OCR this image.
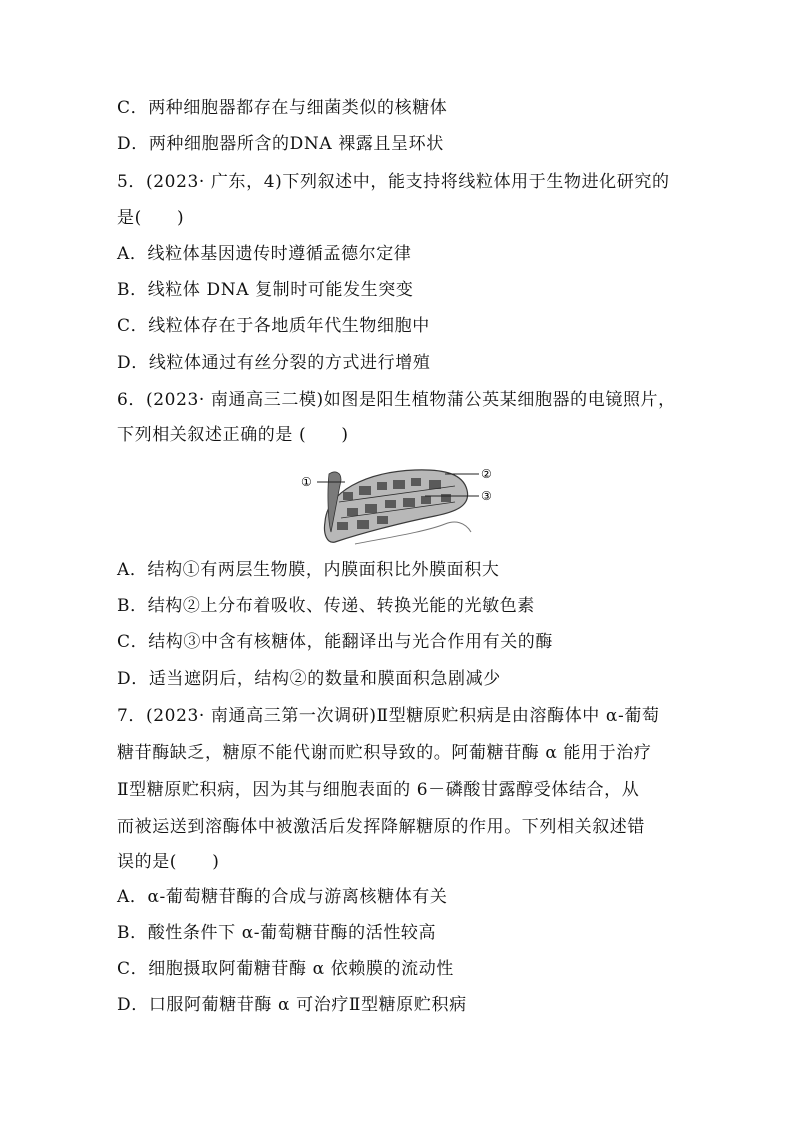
C．两种细胞器都存在与细菌类似的核糖体
D．两种细胞器所含的DNA 裸露且呈环状
5．(2023· 广东，4)下列叙述中，能支持将线粒体用于生物进化研究的
是(　　)
A．线粒体基因遗传时遵循孟德尔定律
B．线粒体 DNA 复制时可能发生突变
C．线粒体存在于各地质年代生物细胞中
D．线粒体通过有丝分裂的方式进行增殖
6．(2023· 南通高三二模)如图是阳生植物蒲公英某细胞器的电镜照片，
下列相关叙述正确的是 (　　)
①
②
③
A．结构①有两层生物膜，内膜面积比外膜面积大
B．结构②上分布着吸收、传递、转换光能的光敏色素
C．结构③中含有核糖体，能翻译出与光合作用有关的酶
D．适当遮阴后，结构②的数量和膜面积急剧减少
7．(2023· 南通高三第一次调研)Ⅱ型糖原贮积病是由溶酶体中 α-葡萄
糖苷酶缺乏，糖原不能代谢而贮积导致的。阿葡糖苷酶 α 能用于治疗
Ⅱ型糖原贮积病，因为其与细胞表面的 6－磷酸甘露醇受体结合，从
而被运送到溶酶体中被激活后发挥降解糖原的作用。下列相关叙述错
误的是(　　)
A．α-葡萄糖苷酶的合成与游离核糖体有关
B．酸性条件下 α-葡萄糖苷酶的活性较高
C．细胞摄取阿葡糖苷酶 α 依赖膜的流动性
D．口服阿葡糖苷酶 α 可治疗Ⅱ型糖原贮积病
